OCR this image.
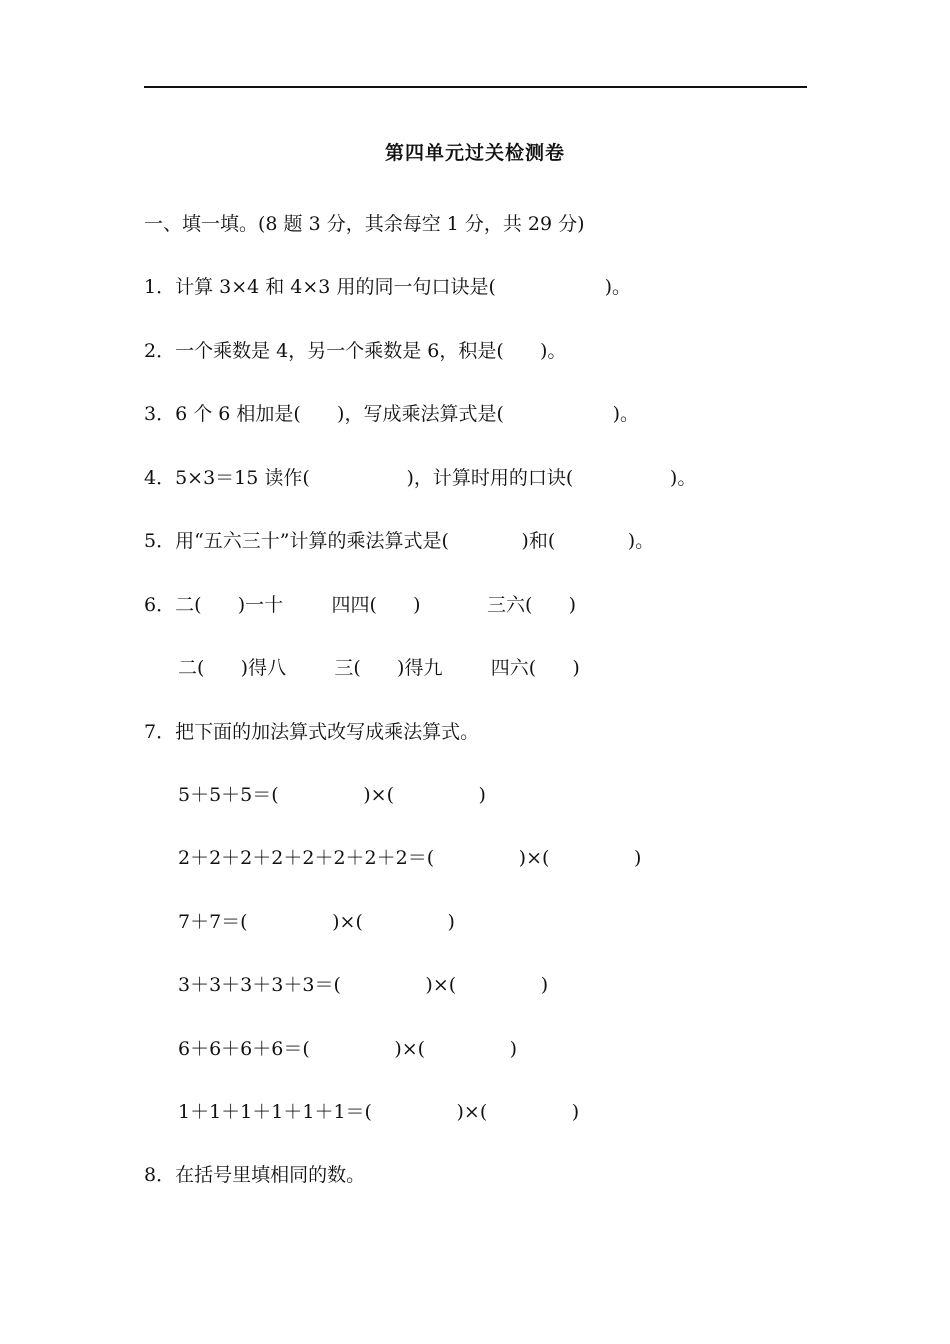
第四单元过关检测卷

一、填一填。(8 题 3 分，其余每空 1 分，共 29 分)

1．计算 3×4 和 4×3 用的同一句口诀是(                  )。

2．一个乘数是 4，另一个乘数是 6，积是(      )。

3．6 个 6 相加是(      )，写成乘法算式是(                  )。

4．5×3＝15 读作(                )，计算时用的口诀(                )。

5．用“五六三十”计算的乘法算式是(            )和(            )。

6．二(      )一十        四四(      )           三六(      )

二(      )得八        三(      )得九        四六(      )

7．把下面的加法算式改写成乘法算式。

5＋5＋5＝(              )×(              )

2＋2＋2＋2＋2＋2＋2＋2＝(              )×(              )

7＋7＝(              )×(              )

3＋3＋3＋3＋3＝(              )×(              )

6＋6＋6＋6＝(              )×(              )

1＋1＋1＋1＋1＋1＝(              )×(              )

8．在括号里填相同的数。
